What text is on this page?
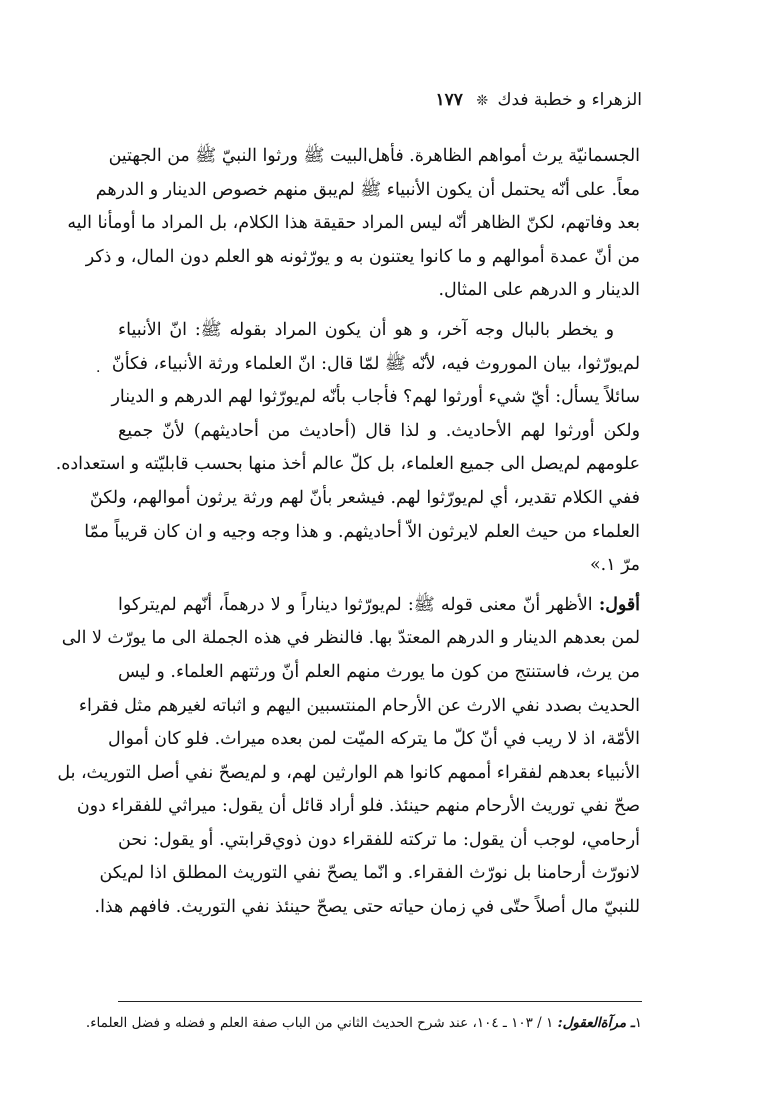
الزهراء و خطبة فدك ❊ ١٧٧
·
الجسمانيّة يرث أمواهم الظاهرة. فأهل‌البيت ﷺ ورثوا النبيّ ﷺ من الجهتين
معاً. على أنّه يحتمل أن يكون الأنبياء ﷺ لم‌يبق منهم خصوص الدينار و الدرهم
بعد وفاتهم، لكنّ الظاهر أنّه ليس المراد حقيقة هذا الكلام، بل المراد ما أومأنا اليه
من أنّ عمدة أموالهم و ما كانوا يعتنون به و يورّثونه هو العلم دون المال، و ذكر
الدينار و الدرهم على المثال.
و يخطر بالبال وجه آخر، و هو أن يكون المراد بقوله ﷺ: انّ الأنبياء
لم‌يورّثوا، بيان الموروث فيه، لأنّه ﷺ لمّا قال: انّ العلماء ورثة الأنبياء، فكأنّ
سائلاً يسأل: أيّ شيء أورثوا لهم؟ فأجاب بأنّه لم‌يورّثوا لهم الدرهم و الدينار
ولكن أورثوا لهم الأحاديث. و لذا قال (أحاديث من أحاديثهم) لأنّ جميع
علومهم لم‌يصل الى جميع العلماء، بل كلّ عالم أخذ منها بحسب قابليّته و استعداده.
ففي الكلام تقدير، أي لم‌يورّثوا لهم. فيشعر بأنّ لهم ورثة يرثون أموالهم، ولكنّ
العلماء من حيث العلم لايرثون الاّ أحاديثهم. و هذا وجه وجيه و ان كان قريباً ممّا
مرّ ١.»
أقول: الأظهر أنّ معنى قوله ﷺ: لم‌يورّثوا ديناراً و لا درهماً، أنّهم لم‌يتركوا
لمن بعدهم الدينار و الدرهم المعتدّ بها. فالنظر في هذه الجملة الى ما يورّث لا الى
من يرث، فاستنتج من كون ما يورث منهم العلم أنّ ورثتهم العلماء. و ليس
الحديث بصدد نفي الارث عن الأرحام المنتسبين اليهم و اثباته لغيرهم مثل فقراء
الأمّة، اذ لا ريب في أنّ كلّ ما يتركه الميّت لمن بعده ميراث. فلو كان أموال
الأنبياء بعدهم لفقراء أممهم كانوا هم الوارثين لهم، و لم‌يصحّ نفي أصل التوريث، بل
صحّ نفي توريث الأرحام منهم حينئذ. فلو أراد قائل أن يقول: ميراثي للفقراء دون
أرحامي، لوجب أن يقول: ما تركته للفقراء دون ذوي‌قرابتي. أو يقول: نحن
لانورّث أرحامنا بل نورّث الفقراء. و انّما يصحّ نفي التوريث المطلق اذا لم‌يكن
للنبيّ مال أصلاً حتّى في زمان حياته حتى يصحّ حينئذ نفي التوريث. فافهم هذا.
١ـ مرآة‌العقول: ١ / ١٠٣ ـ ١٠٤، عند شرح الحديث الثاني من الباب صفة العلم و فضله و فضل العلماء.
